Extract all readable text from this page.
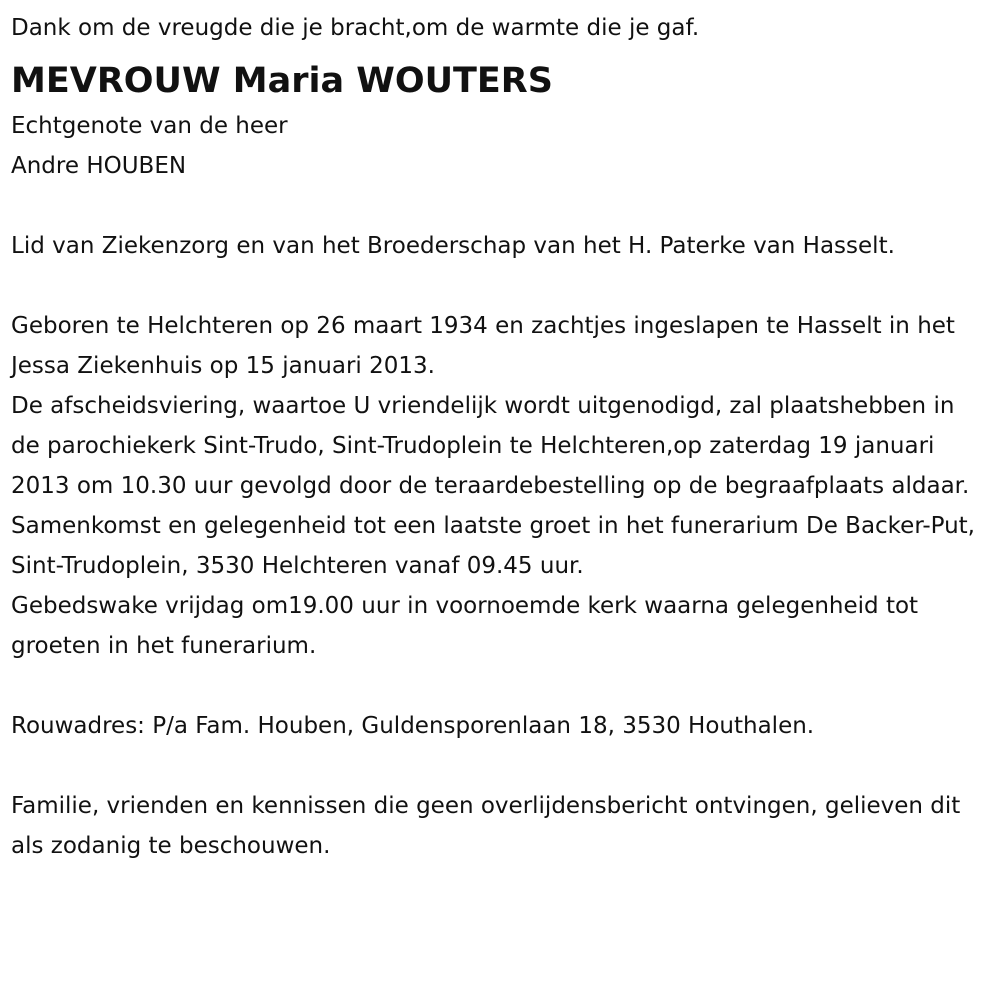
Dank om de vreugde die je bracht,om de warmte die je gaf.

MEVROUW Maria WOUTERS

Echtgenote van de heer

Andre HOUBEN

Lid van Ziekenzorg en van het Broederschap van het H. Paterke van Hasselt.

Geboren te Helchteren op 26 maart 1934 en zachtjes ingeslapen te Hasselt in het Jessa Ziekenhuis op 15 januari 2013.

De afscheidsviering, waartoe U vriendelijk wordt uitgenodigd, zal plaatshebben in de parochiekerk Sint-Trudo, Sint-Trudoplein te Helchteren,op zaterdag 19 januari 2013 om 10.30 uur gevolgd door de teraardebestelling op de begraafplaats aldaar.

Samenkomst en gelegenheid tot een laatste groet in het funerarium De Backer-Put, Sint-Trudoplein, 3530 Helchteren vanaf 09.45 uur.

Gebedswake vrijdag om19.00 uur in voornoemde kerk waarna gelegenheid tot groeten in het funerarium.

Rouwadres: P/a Fam. Houben, Guldensporenlaan 18, 3530 Houthalen.

Familie, vrienden en kennissen die geen overlijdensbericht ontvingen, gelieven dit als zodanig te beschouwen.
